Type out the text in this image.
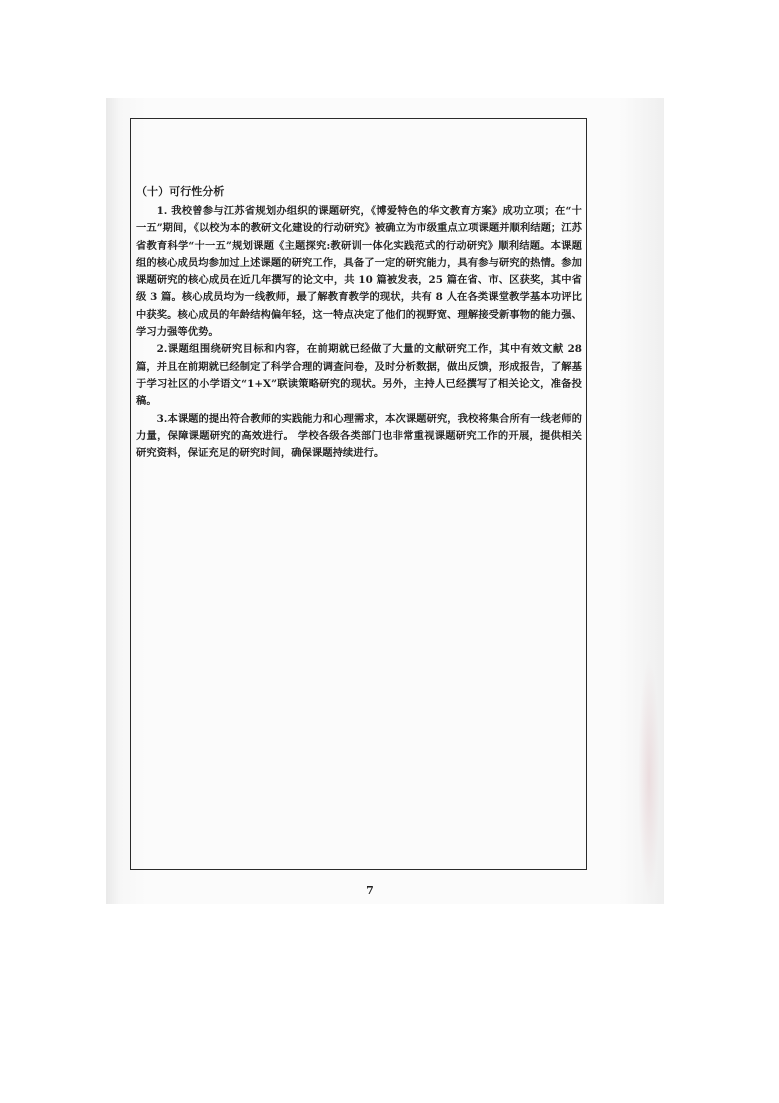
（十）可行性分析

1. 我校曾参与江苏省规划办组织的课题研究，《博爱特色的华文教育方案》成功立项；在“十一五”期间，《以校为本的教研文化建设的行动研究》被确立为市级重点立项课题并顺利结题；江苏省教育科学“十一五”规划课题《主题探究:教研训一体化实践范式的行动研究》顺利结题。本课题组的核心成员均参加过上述课题的研究工作，具备了一定的研究能力，具有参与研究的热情。参加课题研究的核心成员在近几年撰写的论文中，共 10 篇被发表，25 篇在省、市、区获奖，其中省级 3 篇。核心成员均为一线教师，最了解教育教学的现状，共有 8 人在各类课堂教学基本功评比中获奖。核心成员的年龄结构偏年轻，这一特点决定了他们的视野宽、理解接受新事物的能力强、学习力强等优势。

2.课题组围绕研究目标和内容，在前期就已经做了大量的文献研究工作，其中有效文献 28 篇，并且在前期就已经制定了科学合理的调查问卷，及时分析数据，做出反馈，形成报告，了解基于学习社区的小学语文“1+X”联读策略研究的现状。另外，主持人已经撰写了相关论文，准备投稿。

3.本课题的提出符合教师的实践能力和心理需求，本次课题研究，我校将集合所有一线老师的力量，保障课题研究的高效进行。 学校各级各类部门也非常重视课题研究工作的开展，提供相关研究资料，保证充足的研究时间，确保课题持续进行。

7
